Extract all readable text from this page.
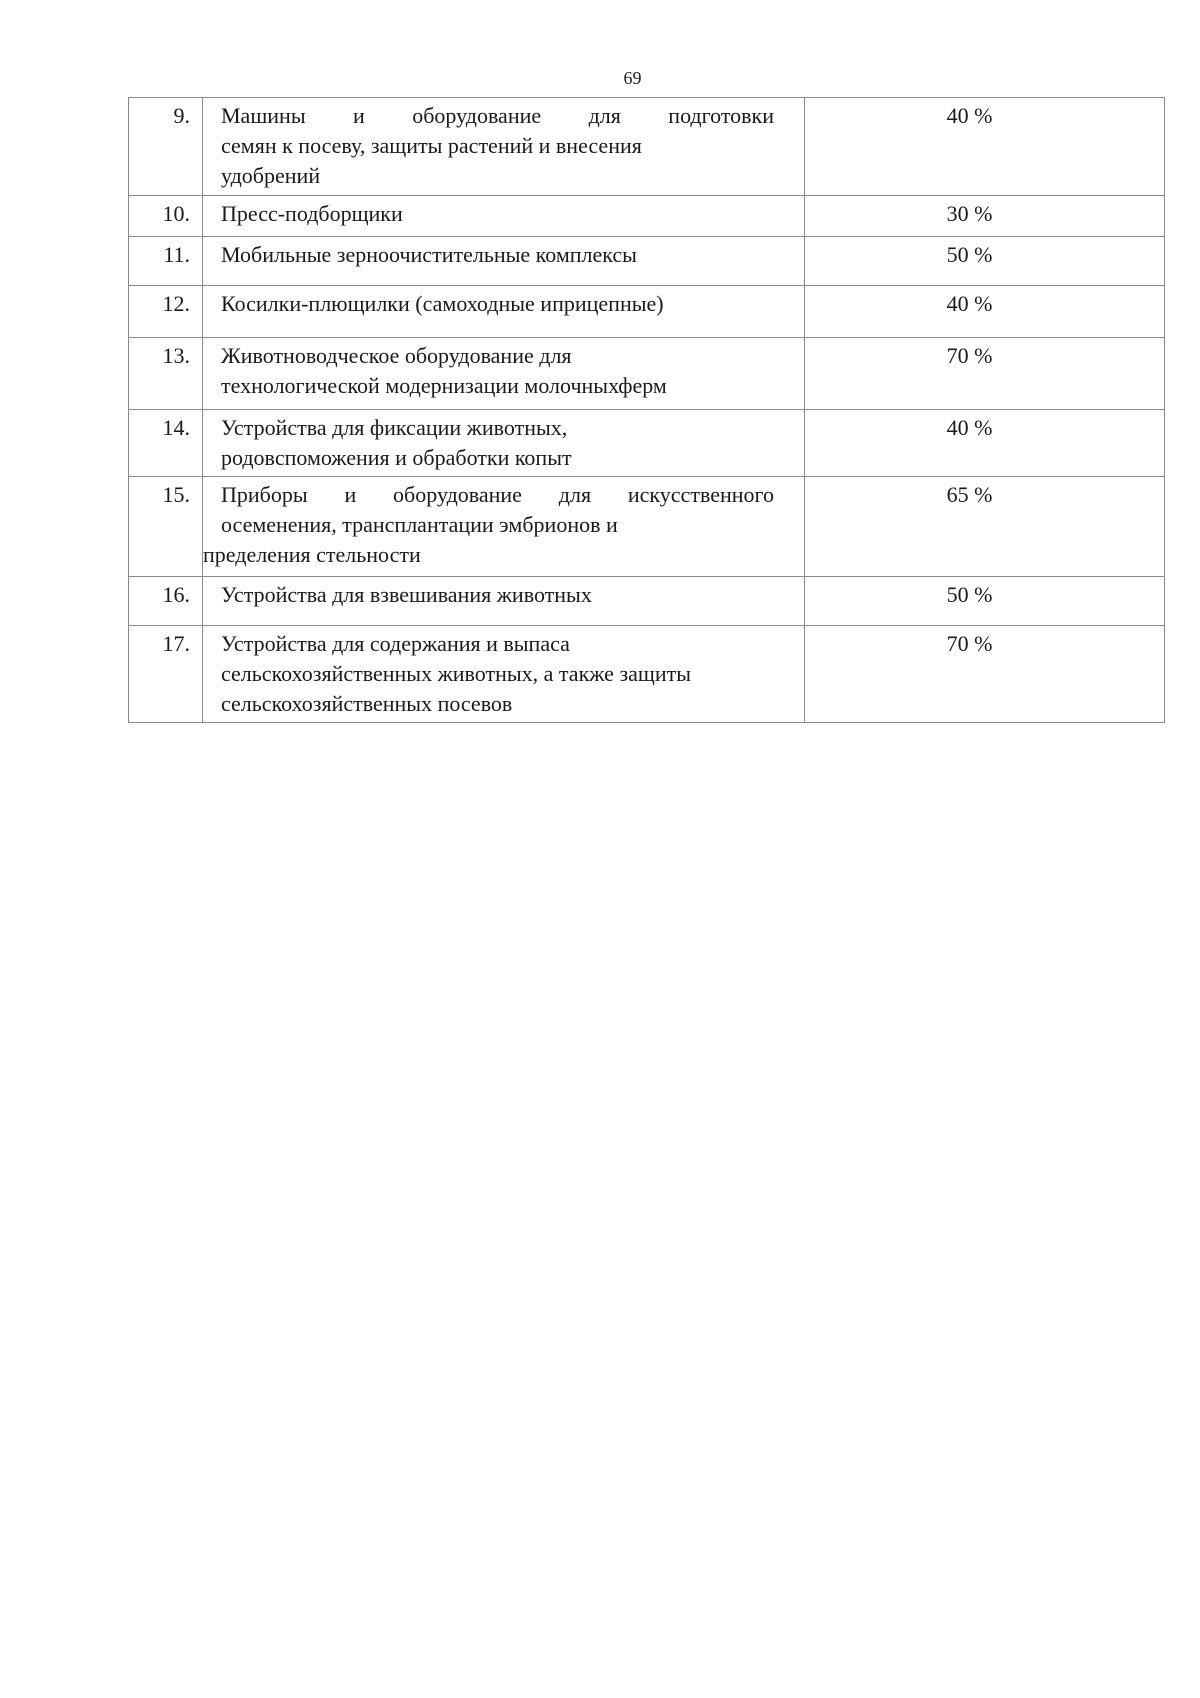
69
9.	Машины и оборудование для подготовки
семян к посеву, защиты растений и внесения
удобрений	40 %
10.	Пресс-подборщики	30 %
11.	Мобильные зерноочистительные комплексы	50 %
12.	Косилки-плющилки (самоходные иприцепные)	40 %
13.	Животноводческое оборудование для
технологической модернизации молочныхферм	70 %
14.	Устройства для фиксации животных,
родовспоможения и обработки копыт	40 %
15.	Приборы и оборудование для искусственного
осеменения, трансплантации эмбрионов и
пределения стельности	65 %
16.	Устройства для взвешивания животных	50 %
17.	Устройства для содержания и выпаса
сельскохозяйственных животных, а также защиты
сельскохозяйственных посевов	70 %
